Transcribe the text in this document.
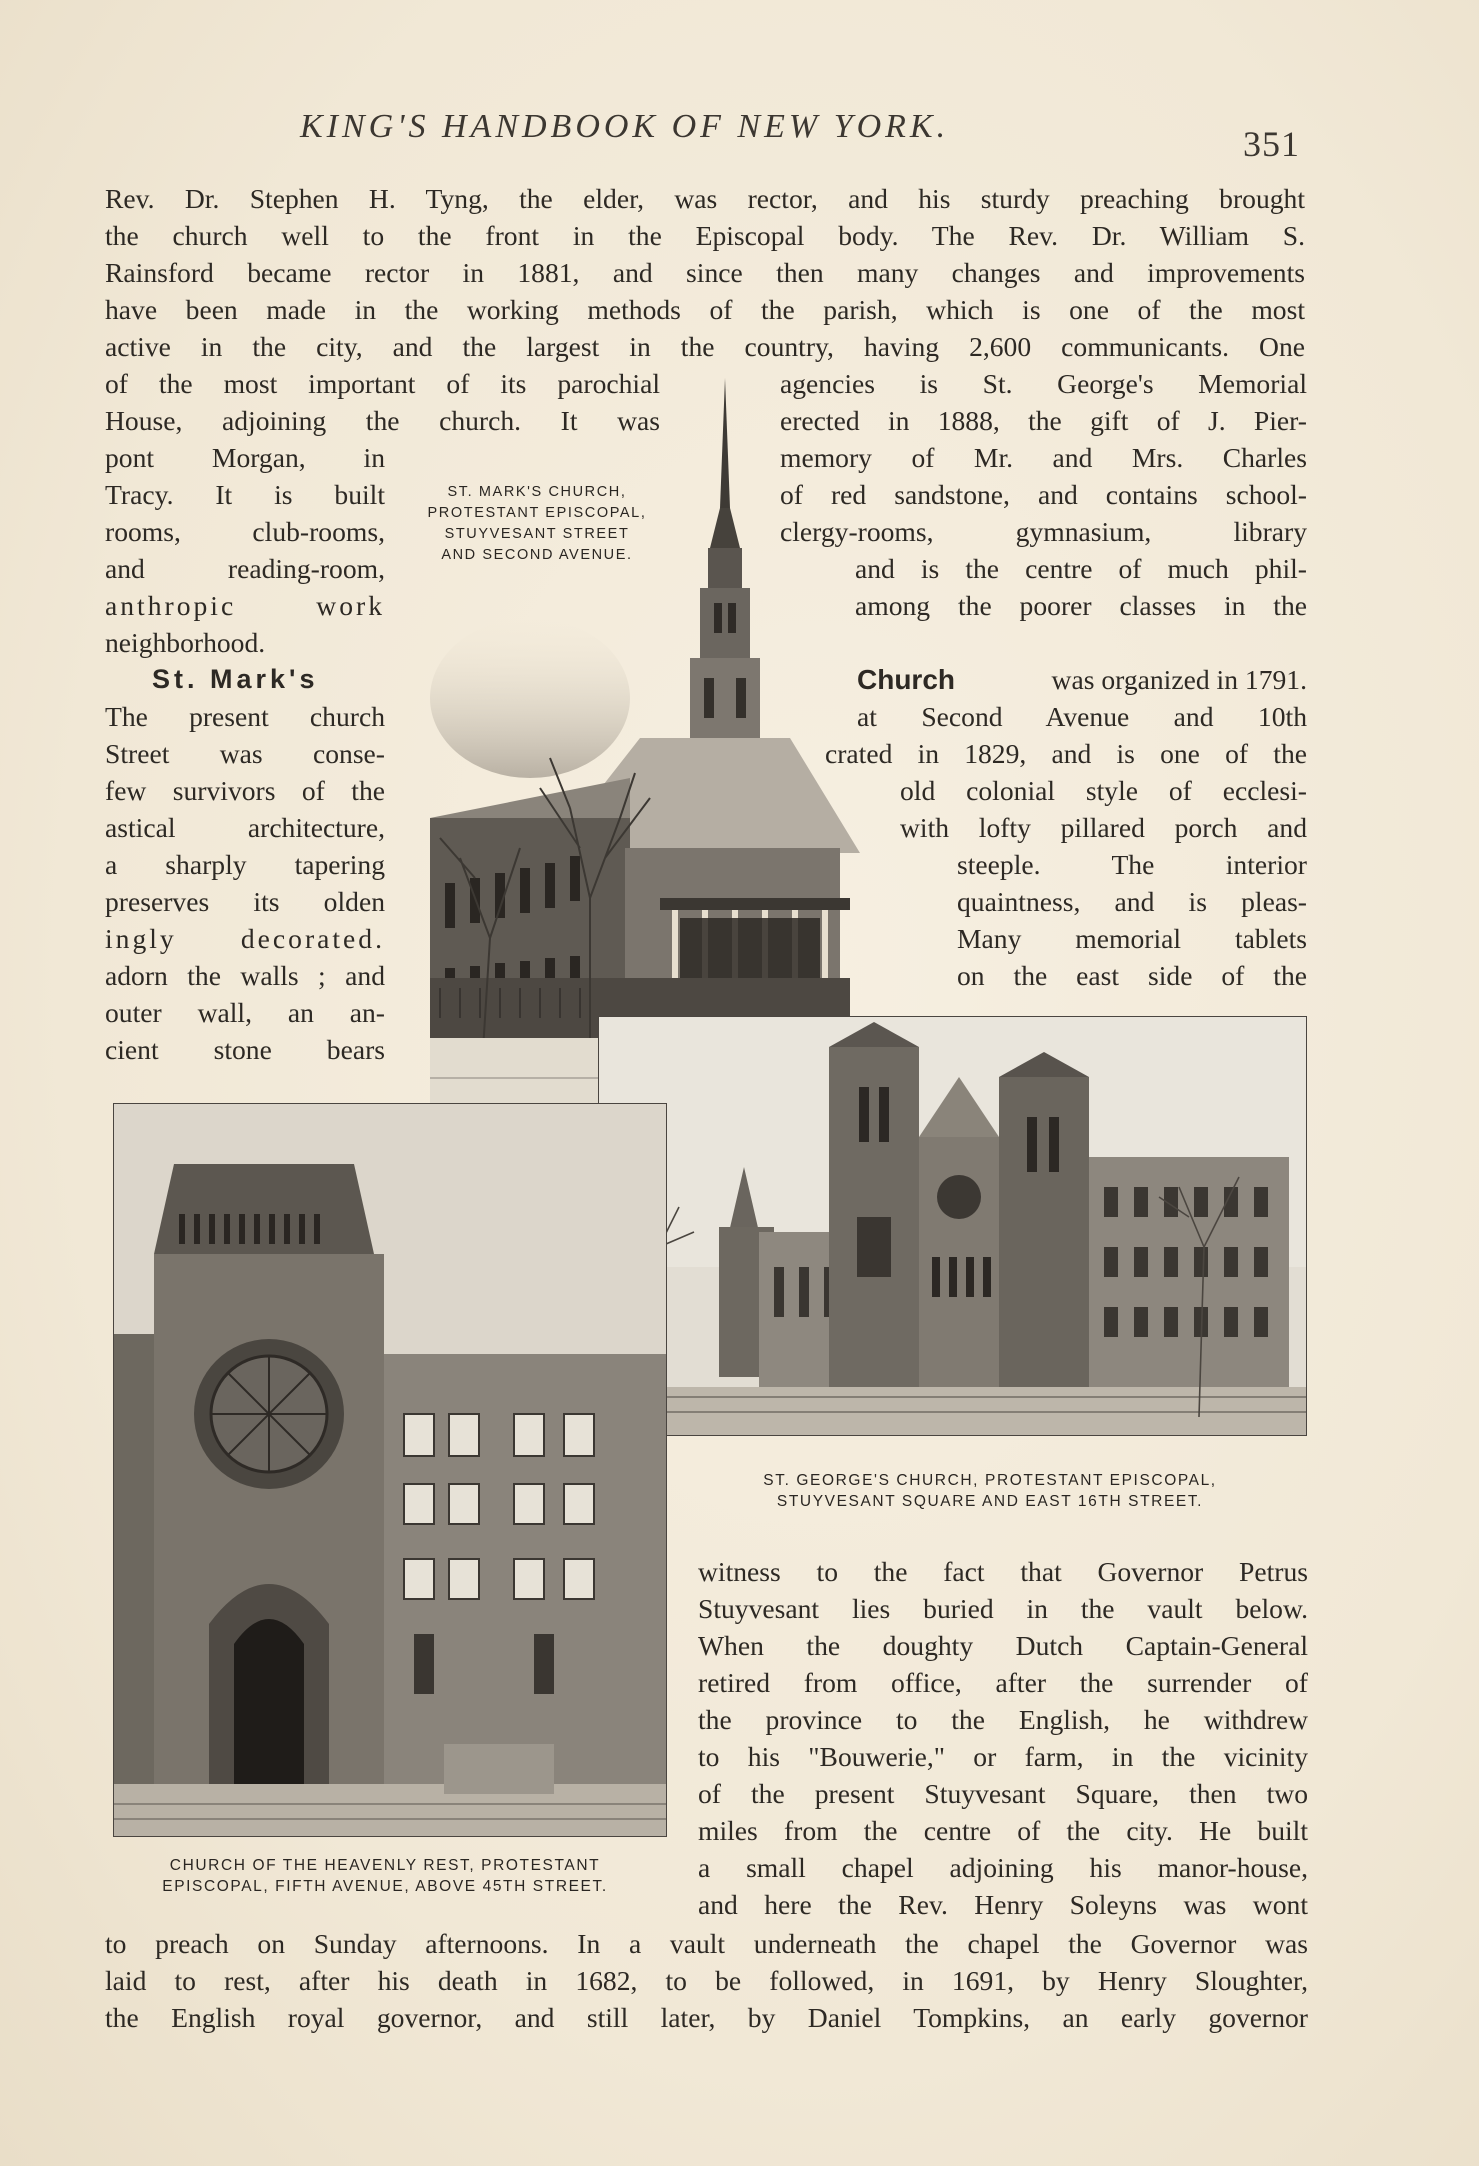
KING'S HANDBOOK OF NEW YORK.	351
Rev. Dr. Stephen H. Tyng, the elder, was rector, and his sturdy preaching brought
the church well to the front in the Episcopal body. The Rev. Dr. William S.
Rainsford became rector in 1881, and since then many changes and improvements
have been made in the working methods of the parish, which is one of the most
active in the city, and the largest in the country, having 2,600 communicants. One
of the most important of its parochial
House, adjoining the church. It was
pont Morgan, in
Tracy. It is built
rooms, club-rooms,
and reading-room,
anthropic work
neighborhood.
St. Mark's
The present church
Street was conse-
few survivors of the
astical architecture,
a sharply tapering
preserves its olden
ingly decorated.
adorn the walls ; and
outer wall, an an-
cient stone bears
agencies is St. George's Memorial
erected in 1888, the gift of J. Pier-
memory of Mr. and Mrs. Charles
of red sandstone, and contains school-
clergy-rooms, gymnasium, library
and is the centre of much phil-
among the poorer classes in the
Church	was organized in 1791.
at Second Avenue and 10th
crated in 1829, and is one of the
old colonial style of ecclesi-
with lofty pillared porch and
steeple. The interior
quaintness, and is pleas-
Many memorial tablets
on the east side of the
ST. MARK'S CHURCH,
PROTESTANT EPISCOPAL,
STUYVESANT STREET
AND SECOND AVENUE.
ST. GEORGE'S CHURCH, PROTESTANT EPISCOPAL,
STUYVESANT SQUARE AND EAST 16TH STREET.
CHURCH OF THE HEAVENLY REST, PROTESTANT
EPISCOPAL, FIFTH AVENUE, ABOVE 45TH STREET.
witness to the fact that Governor Petrus
Stuyvesant lies buried in the vault below.
When the doughty Dutch Captain-General
retired from office, after the surrender of
the province to the English, he withdrew
to his "Bouwerie," or farm, in the vicinity
of the present Stuyvesant Square, then two
miles from the centre of the city. He built
a small chapel adjoining his manor-house,
and here the Rev. Henry Soleyns was wont
to preach on Sunday afternoons. In a vault underneath the chapel the Governor was
laid to rest, after his death in 1682, to be followed, in 1691, by Henry Sloughter,
the English royal governor, and still later, by Daniel Tompkins, an early governor
